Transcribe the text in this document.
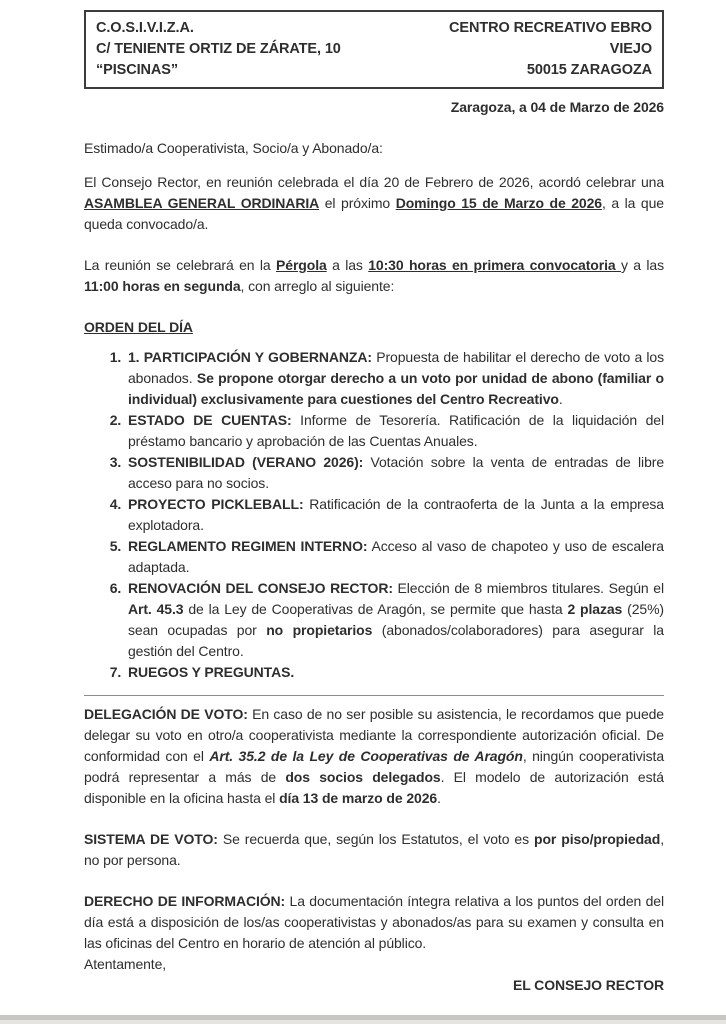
C.O.S.I.V.I.Z.A.
C/ TENIENTE ORTIZ DE ZÁRATE, 10 “PISCINAS”
CENTRO RECREATIVO EBRO VIEJO
50015 ZARAGOZA
Zaragoza, a 04 de Marzo de 2026

Estimado/a Cooperativista, Socio/a y Abonado/a:

El Consejo Rector, en reunión celebrada el día 20 de Febrero de 2026, acordó celebrar una ASAMBLEA GENERAL ORDINARIA el próximo Domingo 15 de Marzo de 2026, a la que queda convocado/a.

La reunión se celebrará en la Pérgola a las 10:30 horas en primera convocatoria y a las 11:00 horas en segunda, con arreglo al siguiente:

ORDEN DEL DÍA
1. 1. PARTICIPACIÓN Y GOBERNANZA: Propuesta de habilitar el derecho de voto a los abonados. Se propone otorgar derecho a un voto por unidad de abono (familiar o individual) exclusivamente para cuestiones del Centro Recreativo.
2. ESTADO DE CUENTAS: Informe de Tesorería. Ratificación de la liquidación del préstamo bancario y aprobación de las Cuentas Anuales.
3. SOSTENIBILIDAD (VERANO 2026): Votación sobre la venta de entradas de libre acceso para no socios.
4. PROYECTO PICKLEBALL: Ratificación de la contraoferta de la Junta a la empresa explotadora.
5. REGLAMENTO REGIMEN INTERNO: Acceso al vaso de chapoteo y uso de escalera adaptada.
6. RENOVACIÓN DEL CONSEJO RECTOR: Elección de 8 miembros titulares. Según el Art. 45.3 de la Ley de Cooperativas de Aragón, se permite que hasta 2 plazas (25%) sean ocupadas por no propietarios (abonados/colaboradores) para asegurar la gestión del Centro.
7. RUEGOS Y PREGUNTAS.

DELEGACIÓN DE VOTO: En caso de no ser posible su asistencia, le recordamos que puede delegar su voto en otro/a cooperativista mediante la correspondiente autorización oficial. De conformidad con el Art. 35.2 de la Ley de Cooperativas de Aragón, ningún cooperativista podrá representar a más de dos socios delegados. El modelo de autorización está disponible en la oficina hasta el día 13 de marzo de 2026.

SISTEMA DE VOTO: Se recuerda que, según los Estatutos, el voto es por piso/propiedad, no por persona.

DERECHO DE INFORMACIÓN: La documentación íntegra relativa a los puntos del orden del día está a disposición de los/as cooperativistas y abonados/as para su examen y consulta en las oficinas del Centro en horario de atención al público.

Atentamente,

EL CONSEJO RECTOR
